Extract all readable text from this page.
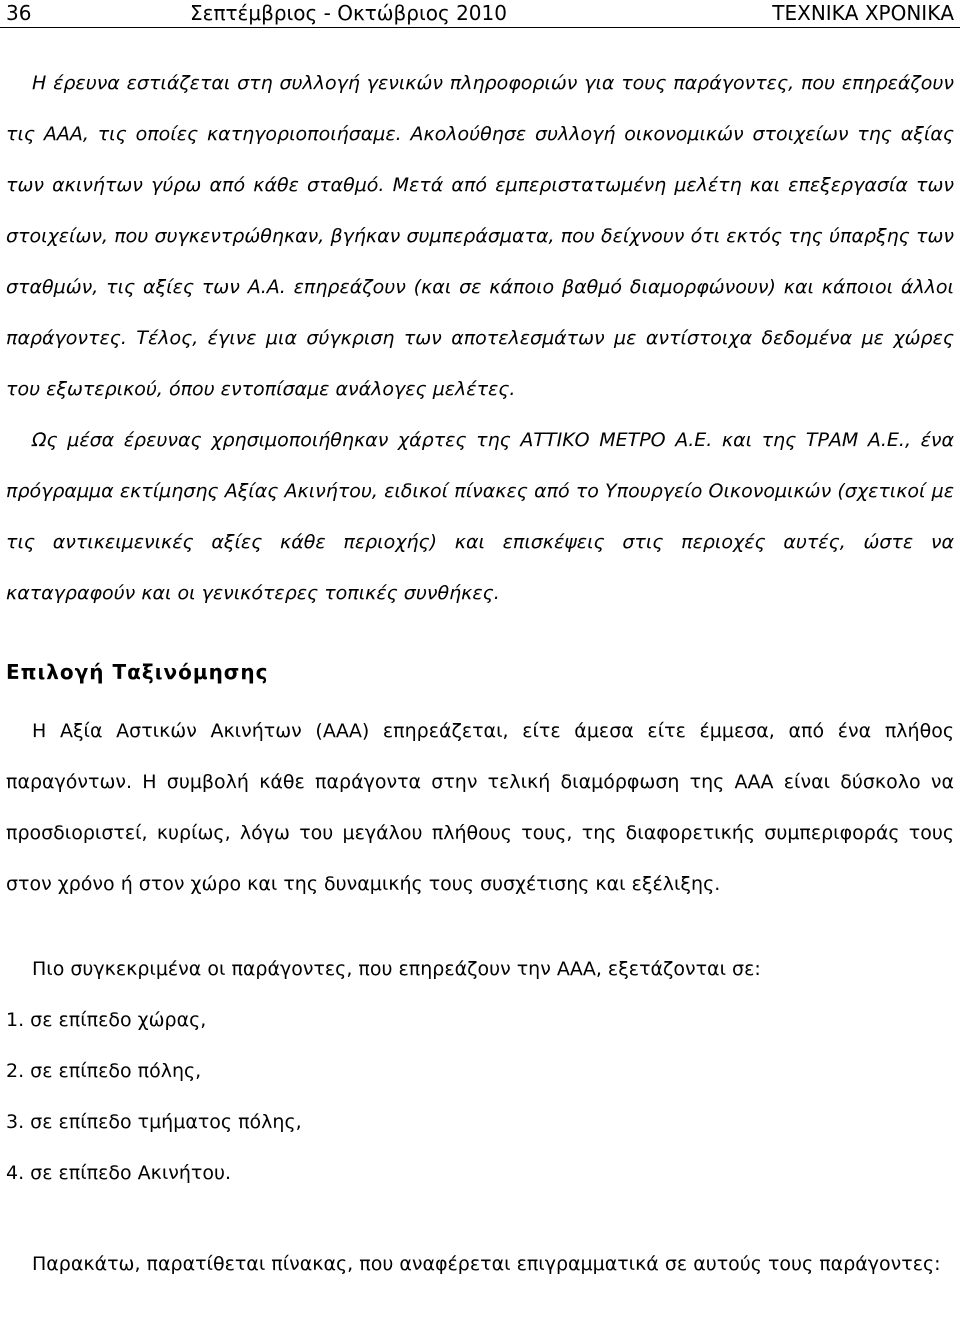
36	Σεπτέμβριος - Οκτώβριος 2010	ΤΕΧΝΙΚΑ ΧΡΟΝΙΚΑ

Η έρευνα εστιάζεται στη συλλογή γενικών πληροφοριών για τους παράγοντες, που επηρεάζουν τις ΑΑΑ, τις οποίες κατηγοριοποιήσαμε. Ακολούθησε συλλογή οικονομικών στοιχείων της αξίας των ακινήτων γύρω από κάθε σταθμό. Μετά από εμπεριστατωμένη μελέτη και επεξεργασία των στοιχείων, που συγκεντρώθηκαν, βγήκαν συμπεράσματα, που δείχνουν ότι εκτός της ύπαρξης των σταθμών, τις αξίες των Α.Α. επηρεάζουν (και σε κάποιο βαθμό διαμορφώνουν) και κάποιοι άλλοι παράγοντες. Τέλος, έγινε μια σύγκριση των αποτελεσμάτων με αντίστοιχα δεδομένα με χώρες του εξωτερικού, όπου εντοπίσαμε ανάλογες μελέτες.

Ως μέσα έρευνας χρησιμοποιήθηκαν χάρτες της ΑΤΤΙΚΟ ΜΕΤΡΟ Α.Ε. και της ΤΡΑΜ Α.Ε., ένα πρόγραμμα εκτίμησης Αξίας Ακινήτου, ειδικοί πίνακες από το Υπουργείο Οικονομικών (σχετικοί με τις αντικειμενικές αξίες κάθε περιοχής) και επισκέψεις στις περιοχές αυτές, ώστε να καταγραφούν και οι γενικότερες τοπικές συνθήκες.

Επιλογή Ταξινόμησης

Η Αξία Αστικών Ακινήτων (ΑΑΑ) επηρεάζεται, είτε άμεσα είτε έμμεσα, από ένα πλήθος παραγόντων. Η συμβολή κάθε παράγοντα στην τελική διαμόρφωση της ΑΑΑ είναι δύσκολο να προσδιοριστεί, κυρίως, λόγω του μεγάλου πλήθους τους, της διαφορετικής συμπεριφοράς τους στον χρόνο ή στον χώρο και της δυναμικής τους συσχέτισης και εξέλιξης.

Πιο συγκεκριμένα οι παράγοντες, που επηρεάζουν την ΑΑΑ, εξετάζονται σε:

1. σε επίπεδο χώρας,
2. σε επίπεδο πόλης,
3. σε επίπεδο τμήματος πόλης,
4. σε επίπεδο Ακινήτου.

Παρακάτω, παρατίθεται πίνακας, που αναφέρεται επιγραμματικά σε αυτούς τους παράγοντες:
